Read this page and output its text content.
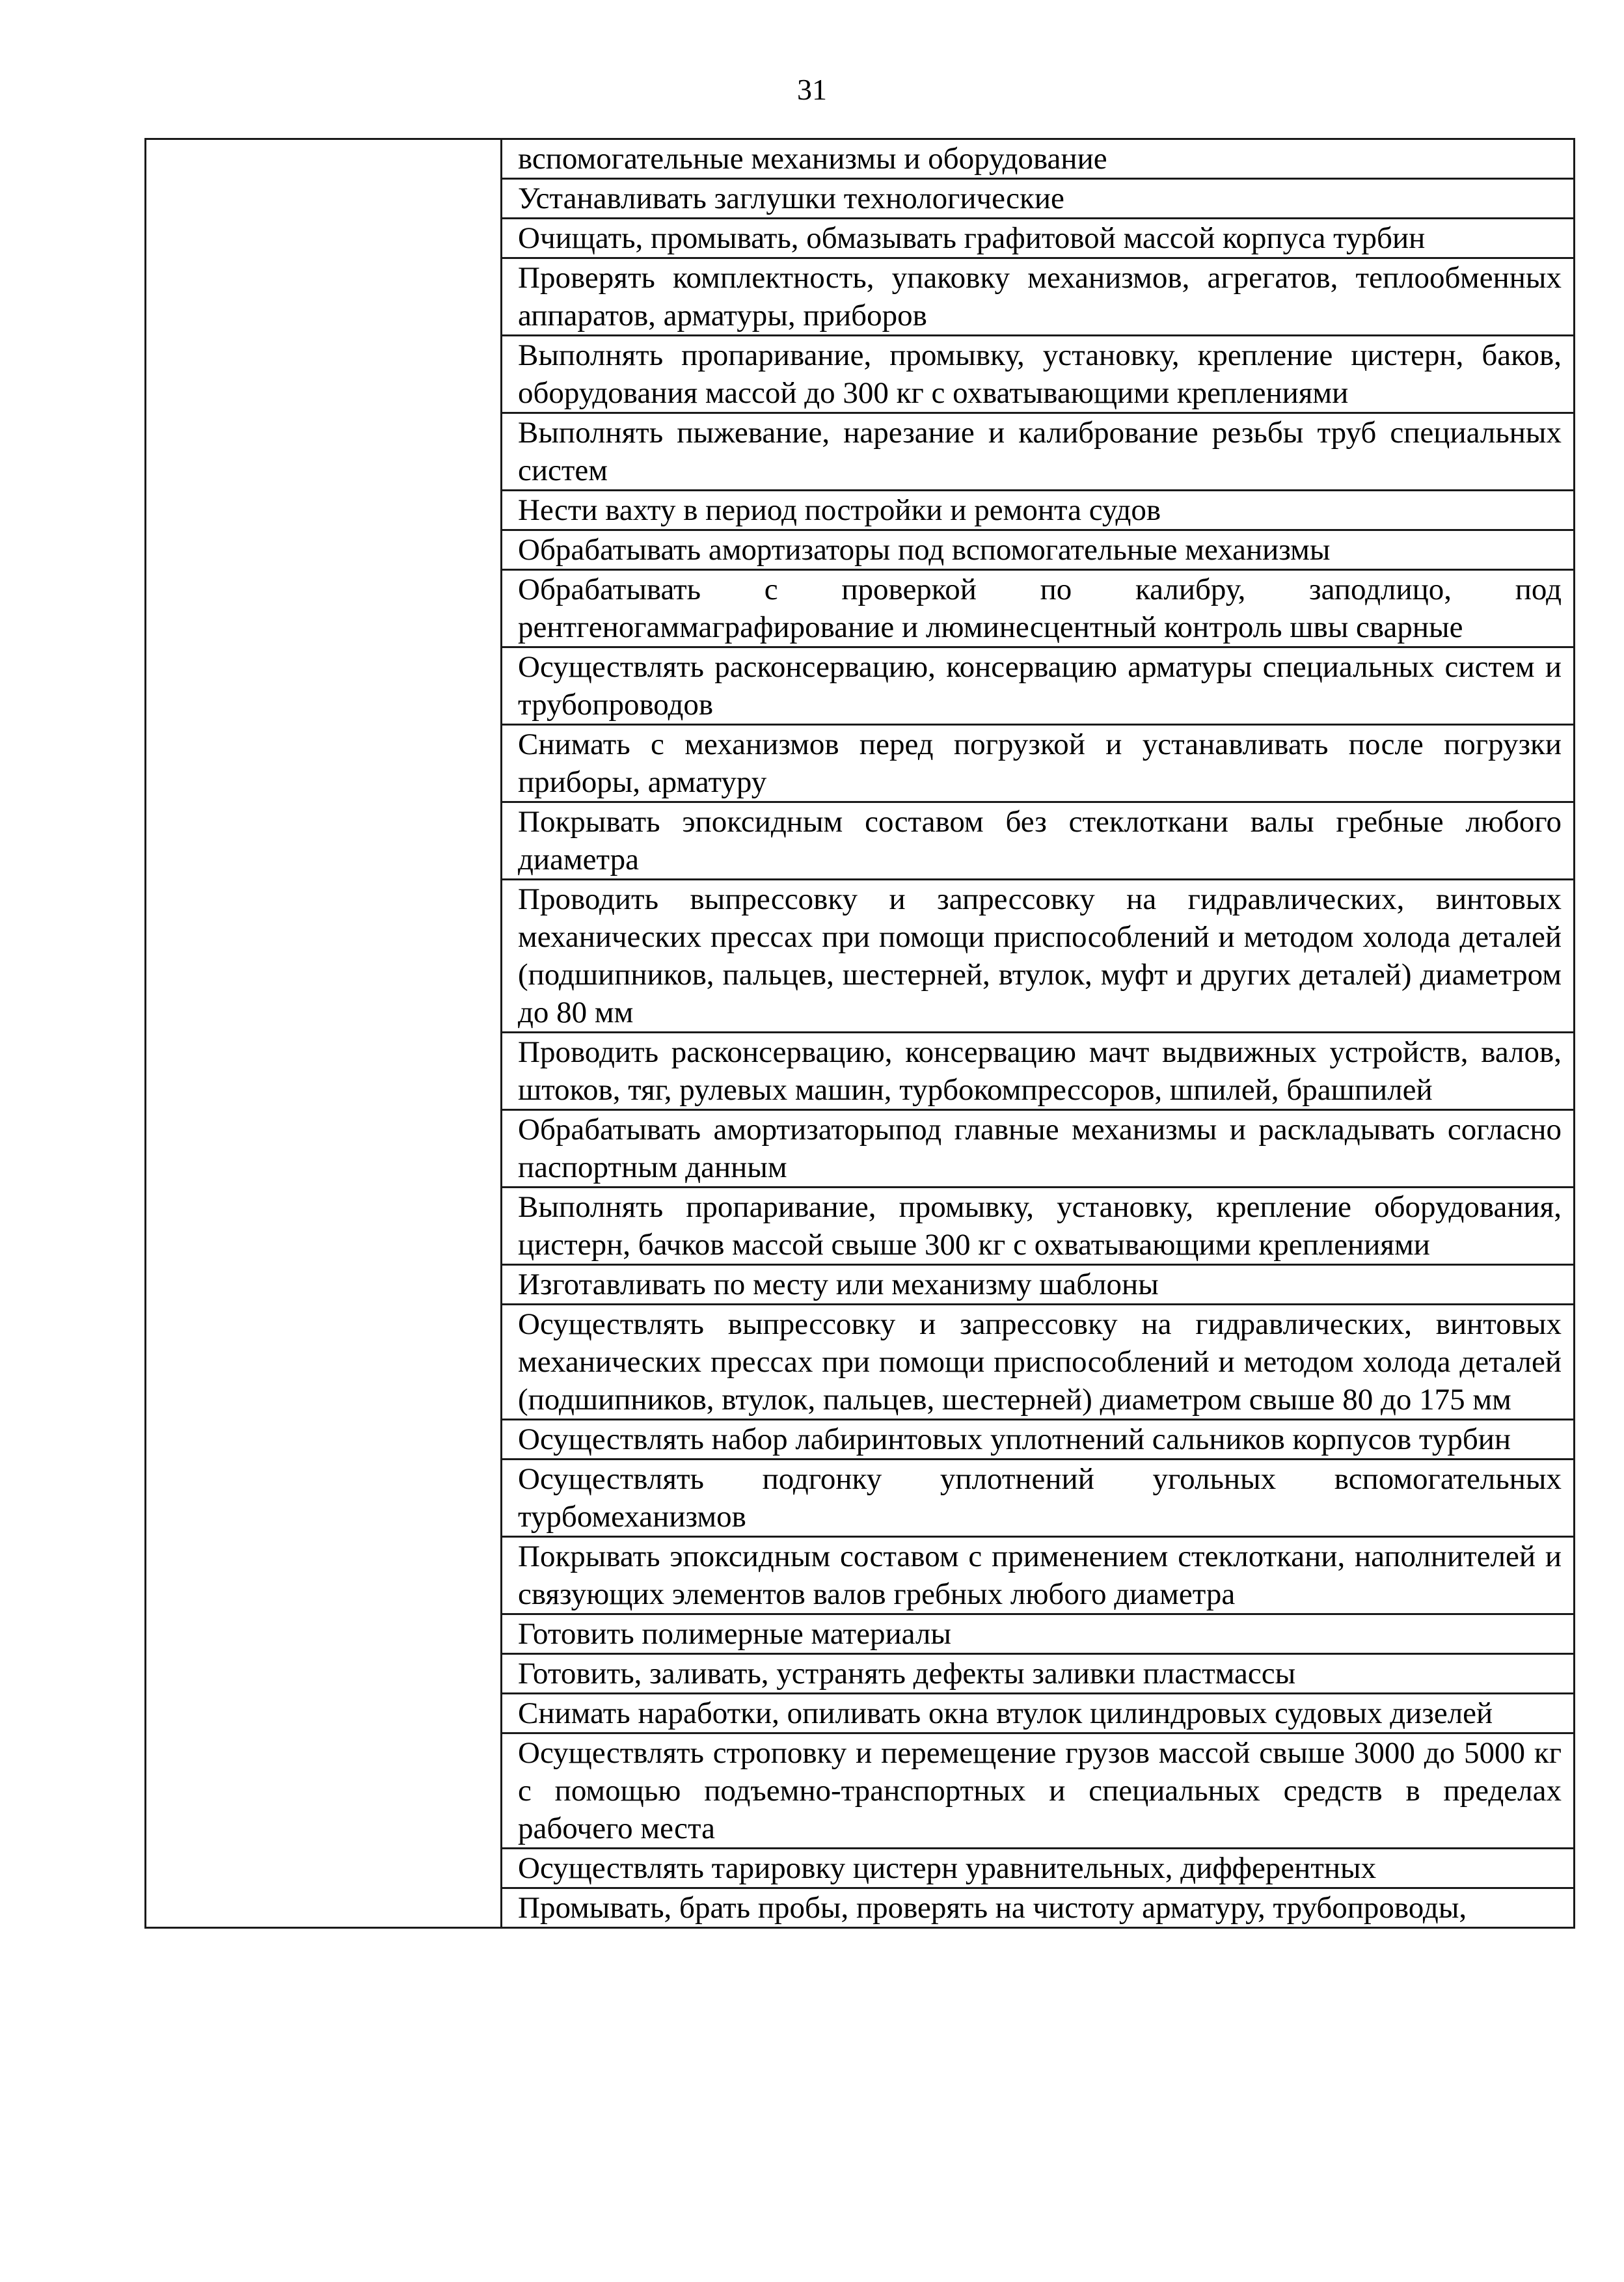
31

вспомогательные механизмы и оборудование
Устанавливать заглушки технологические
Очищать, промывать, обмазывать графитовой массой корпуса турбин
Проверять комплектность, упаковку механизмов, агрегатов, теплообменных аппаратов, арматуры, приборов
Выполнять пропаривание, промывку, установку, крепление цистерн, баков, оборудования массой до 300 кг с охватывающими креплениями
Выполнять пыжевание, нарезание и калибрование резьбы труб специальных систем
Нести вахту в период постройки и ремонта судов
Обрабатывать амортизаторы под вспомогательные механизмы
Обрабатывать с проверкой по калибру, заподлицо, под рентгеногаммаграфирование и люминесцентный контроль швы сварные
Осуществлять расконсервацию, консервацию арматуры специальных систем и трубопроводов
Снимать с механизмов перед погрузкой и устанавливать после погрузки приборы, арматуру
Покрывать эпоксидным составом без стеклоткани валы гребные любого диаметра
Проводить выпрессовку и запрессовку на гидравлических, винтовых механических прессах при помощи приспособлений и методом холода деталей (подшипников, пальцев, шестерней, втулок, муфт и других деталей) диаметром до 80 мм
Проводить расконсервацию, консервацию мачт выдвижных устройств, валов, штоков, тяг, рулевых машин, турбокомпрессоров, шпилей, брашпилей
Обрабатывать амортизаторыпод главные механизмы и раскладывать согласно паспортным данным
Выполнять пропаривание, промывку, установку, крепление оборудования, цистерн, бачков массой свыше 300 кг с охватывающими креплениями
Изготавливать по месту или механизму шаблоны
Осуществлять выпрессовку и запрессовку на гидравлических, винтовых механических прессах при помощи приспособлений и методом холода деталей (подшипников, втулок, пальцев, шестерней) диаметром свыше 80 до 175 мм
Осуществлять набор лабиринтовых уплотнений сальников корпусов турбин
Осуществлять подгонку уплотнений угольных вспомогательных турбомеханизмов
Покрывать эпоксидным составом с применением стеклоткани, наполнителей и связующих элементов валов гребных любого диаметра
Готовить полимерные материалы
Готовить, заливать, устранять дефекты заливки пластмассы
Снимать наработки, опиливать окна втулок цилиндровых судовых дизелей
Осуществлять строповку и перемещение грузов массой свыше 3000 до 5000 кг с помощью подъемно-транспортных и специальных средств в пределах рабочего места
Осуществлять тарировку цистерн уравнительных, дифферентных
Промывать, брать пробы, проверять на чистоту арматуру, трубопроводы,
